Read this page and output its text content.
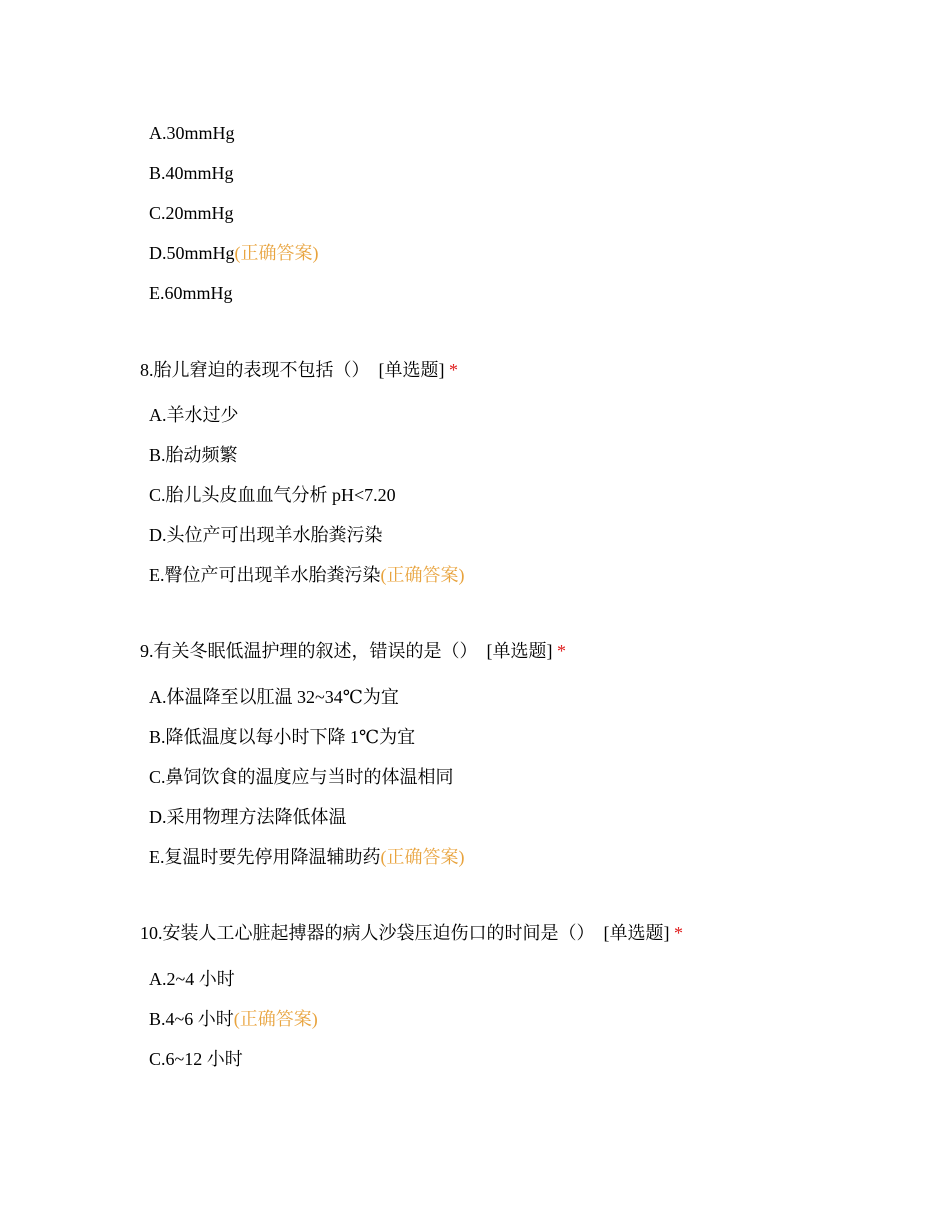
A.30mmHg
B.40mmHg
C.20mmHg
D.50mmHg(正确答案)
E.60mmHg
8.胎儿窘迫的表现不包括（） [单选题] *
A.羊水过少
B.胎动频繁
C.胎儿头皮血血气分析 pH<7.20
D.头位产可出现羊水胎粪污染
E.臀位产可出现羊水胎粪污染(正确答案)
9.有关冬眠低温护理的叙述，错误的是（） [单选题] *
A.体温降至以肛温 32~34℃为宜
B.降低温度以每小时下降 1℃为宜
C.鼻饲饮食的温度应与当时的体温相同
D.采用物理方法降低体温
E.复温时要先停用降温辅助药(正确答案)
10.安装人工心脏起搏器的病人沙袋压迫伤口的时间是（） [单选题] *
A.2~4 小时
B.4~6 小时(正确答案)
C.6~12 小时
